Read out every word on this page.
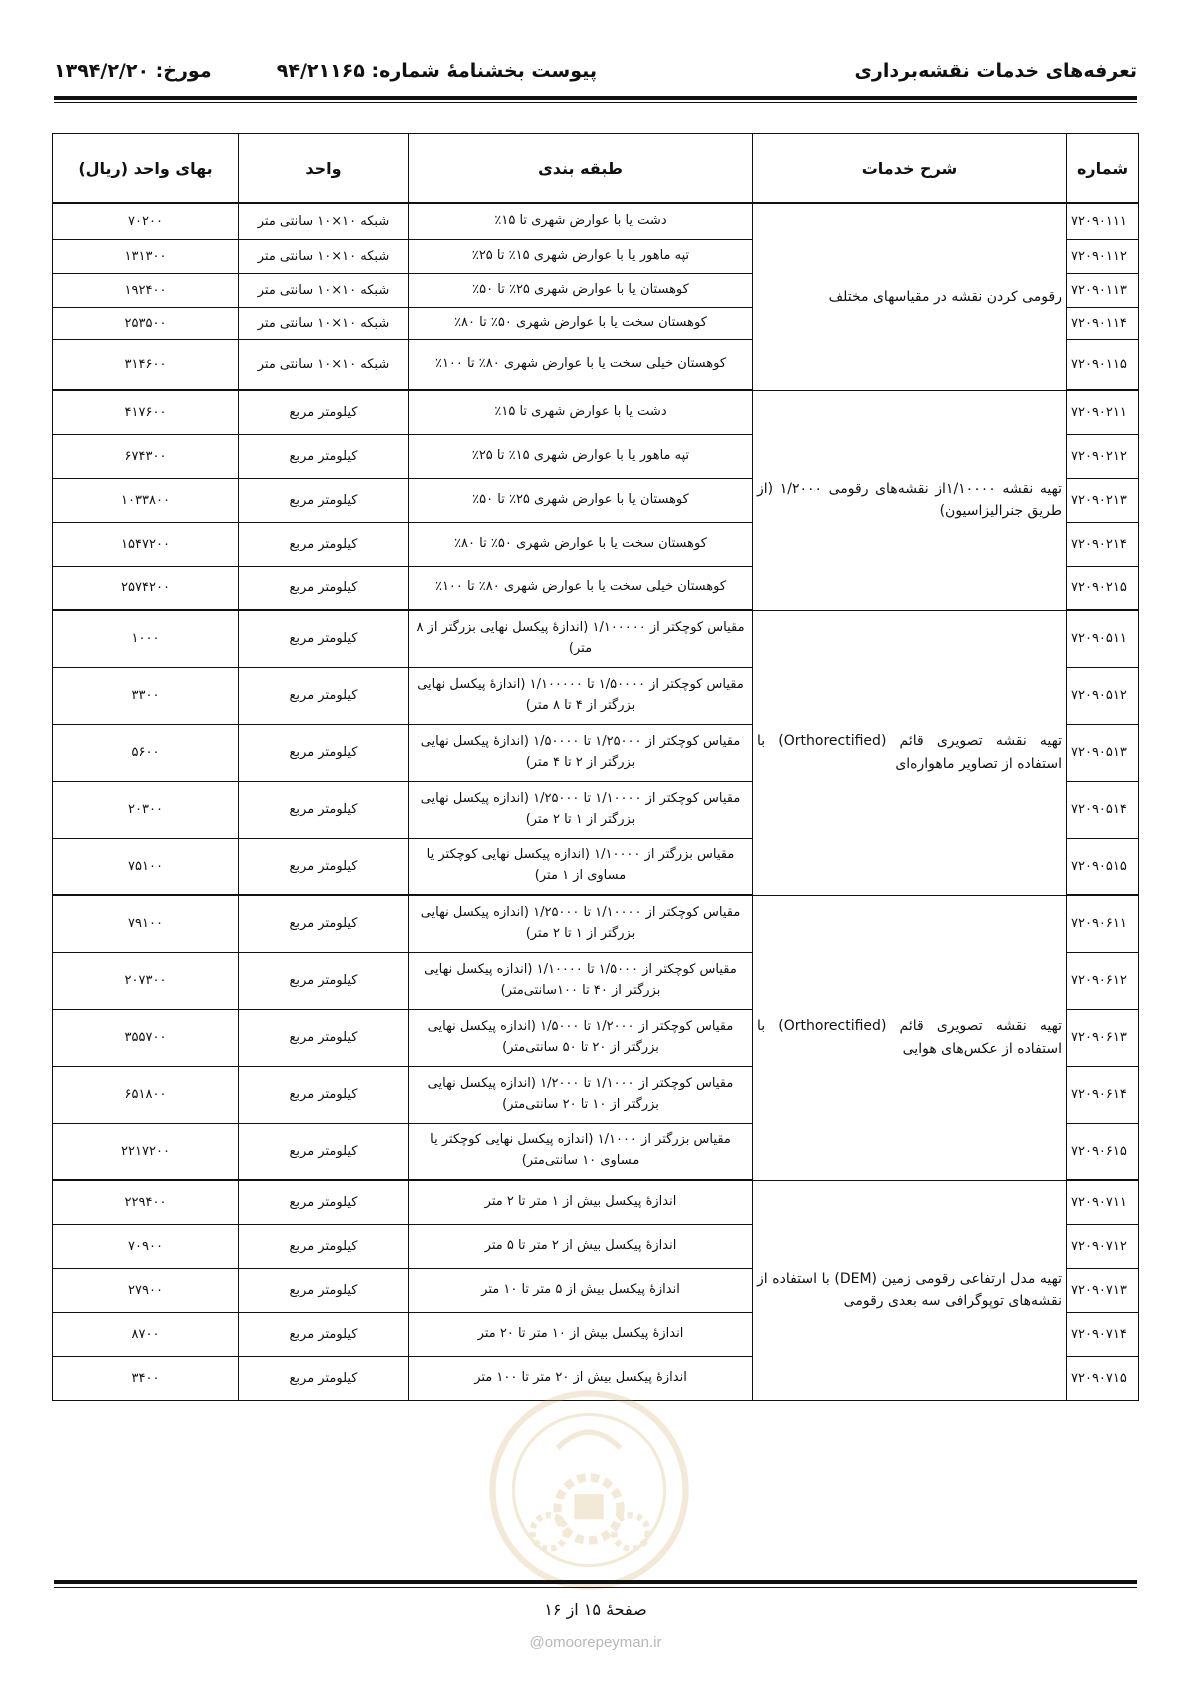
تعرفه‌های خدمات نقشه‌برداری
پیوست بخشنامهٔ شماره: ۹۴/۲۱۱۶۵
مورخ: ۱۳۹۴/۲/۲۰
شماره	شرح خدمات	طبقه بندی	واحد	بهای واحد (ریال)
۷۲۰۹۰۱۱۱	رقومی کردن نقشه در مقیاسهای مختلف	دشت یا با عوارض شهری تا ۱۵٪	شبکه ۱۰×۱۰ سانتی متر	۷۰۲۰۰
۷۲۰۹۰۱۱۲		تپه ماهور یا با عوارض شهری ۱۵٪ تا ۲۵٪	شبکه ۱۰×۱۰ سانتی متر	۱۳۱۳۰۰
۷۲۰۹۰۱۱۳		کوهستان یا با عوارض شهری ۲۵٪ تا ۵۰٪	شبکه ۱۰×۱۰ سانتی متر	۱۹۲۴۰۰
۷۲۰۹۰۱۱۴		کوهستان سخت یا با عوارض شهری ۵۰٪ تا ۸۰٪	شبکه ۱۰×۱۰ سانتی متر	۲۵۳۵۰۰
۷۲۰۹۰۱۱۵		کوهستان خیلی سخت یا با عوارض شهری ۸۰٪ تا ۱۰۰٪	شبکه ۱۰×۱۰ سانتی متر	۳۱۴۶۰۰
۷۲۰۹۰۲۱۱	تهیه نقشه ۱/۱۰۰۰۰از نقشه‌های رقومی ۱/۲۰۰۰ (از طریق جنرالیزاسیون)	دشت یا با عوارض شهری تا ۱۵٪	کیلومتر مربع	۴۱۷۶۰۰
۷۲۰۹۰۲۱۲		تپه ماهور یا با عوارض شهری ۱۵٪ تا ۲۵٪	کیلومتر مربع	۶۷۴۳۰۰
۷۲۰۹۰۲۱۳		کوهستان یا با عوارض شهری ۲۵٪ تا ۵۰٪	کیلومتر مربع	۱۰۳۳۸۰۰
۷۲۰۹۰۲۱۴		کوهستان سخت یا با عوارض شهری ۵۰٪ تا ۸۰٪	کیلومتر مربع	۱۵۴۷۲۰۰
۷۲۰۹۰۲۱۵		کوهستان خیلی سخت یا با عوارض شهری ۸۰٪ تا ۱۰۰٪	کیلومتر مربع	۲۵۷۴۲۰۰
۷۲۰۹۰۵۱۱	تهیه نقشه تصویری قائم (Orthorectified) با استفاده از تصاویر ماهواره‌ای	مقیاس کوچکتر از ۱/۱۰۰۰۰۰ (اندازهٔ پیکسل نهایی بزرگتر از ۸ متر)	کیلومتر مربع	۱۰۰۰
۷۲۰۹۰۵۱۲		مقیاس کوچکتر از ۱/۵۰۰۰۰ تا ۱/۱۰۰۰۰۰ (اندازهٔ پیکسل نهایی بزرگتر از ۴ تا ۸ متر)	کیلومتر مربع	۳۳۰۰
۷۲۰۹۰۵۱۳		مقیاس کوچکتر از ۱/۲۵۰۰۰ تا ۱/۵۰۰۰۰ (اندازهٔ پیکسل نهایی بزرگتر از ۲ تا ۴ متر)	کیلومتر مربع	۵۶۰۰
۷۲۰۹۰۵۱۴		مقیاس کوچکتر از ۱/۱۰۰۰۰ تا ۱/۲۵۰۰۰ (اندازه پیکسل نهایی بزرگتر از ۱ تا ۲ متر)	کیلومتر مربع	۲۰۳۰۰
۷۲۰۹۰۵۱۵		مقیاس بزرگتر از ۱/۱۰۰۰۰ (اندازه پیکسل نهایی کوچکتر یا مساوی از ۱ متر)	کیلومتر مربع	۷۵۱۰۰
۷۲۰۹۰۶۱۱	تهیه نقشه تصویری قائم (Orthorectified) با استفاده از عکس‌های هوایی	مقیاس کوچکتر از ۱/۱۰۰۰۰ تا ۱/۲۵۰۰۰ (اندازه پیکسل نهایی بزرگتر از ۱ تا ۲ متر)	کیلومتر مربع	۷۹۱۰۰
۷۲۰۹۰۶۱۲		مقیاس کوچکتر از ۱/۵۰۰۰ تا ۱/۱۰۰۰۰ (اندازه پیکسل نهایی بزرگتر از ۴۰ تا ۱۰۰سانتی‌متر)	کیلومتر مربع	۲۰۷۳۰۰
۷۲۰۹۰۶۱۳		مقیاس کوچکتر از ۱/۲۰۰۰ تا ۱/۵۰۰۰ (اندازه پیکسل نهایی بزرگتر از ۲۰ تا ۵۰ سانتی‌متر)	کیلومتر مربع	۳۵۵۷۰۰
۷۲۰۹۰۶۱۴		مقیاس کوچکتر از ۱/۱۰۰۰ تا ۱/۲۰۰۰ (اندازه پیکسل نهایی بزرگتر از ۱۰ تا ۲۰ سانتی‌متر)	کیلومتر مربع	۶۵۱۸۰۰
۷۲۰۹۰۶۱۵		مقیاس بزرگتر از ۱/۱۰۰۰ (اندازه پیکسل نهایی کوچکتر یا مساوی ۱۰ سانتی‌متر)	کیلومتر مربع	۲۲۱۷۲۰۰
۷۲۰۹۰۷۱۱	تهیه مدل ارتفاعی رقومی زمین (DEM) با استفاده از نقشه‌های توپوگرافی سه بعدی رقومی	اندازهٔ پیکسل بیش از ۱ متر تا ۲ متر	کیلومتر مربع	۲۲۹۴۰۰
۷۲۰۹۰۷۱۲		اندازهٔ پیکسل بیش از ۲ متر تا ۵ متر	کیلومتر مربع	۷۰۹۰۰
۷۲۰۹۰۷۱۳		اندازهٔ پیکسل بیش از ۵ متر تا ۱۰ متر	کیلومتر مربع	۲۷۹۰۰
۷۲۰۹۰۷۱۴		اندازهٔ پیکسل بیش از ۱۰ متر تا ۲۰ متر	کیلومتر مربع	۸۷۰۰
۷۲۰۹۰۷۱۵		اندازهٔ پیکسل بیش از ۲۰ متر تا ۱۰۰ متر	کیلومتر مربع	۳۴۰۰
صفحهٔ ۱۵ از ۱۶
@omoorepeyman.ir
